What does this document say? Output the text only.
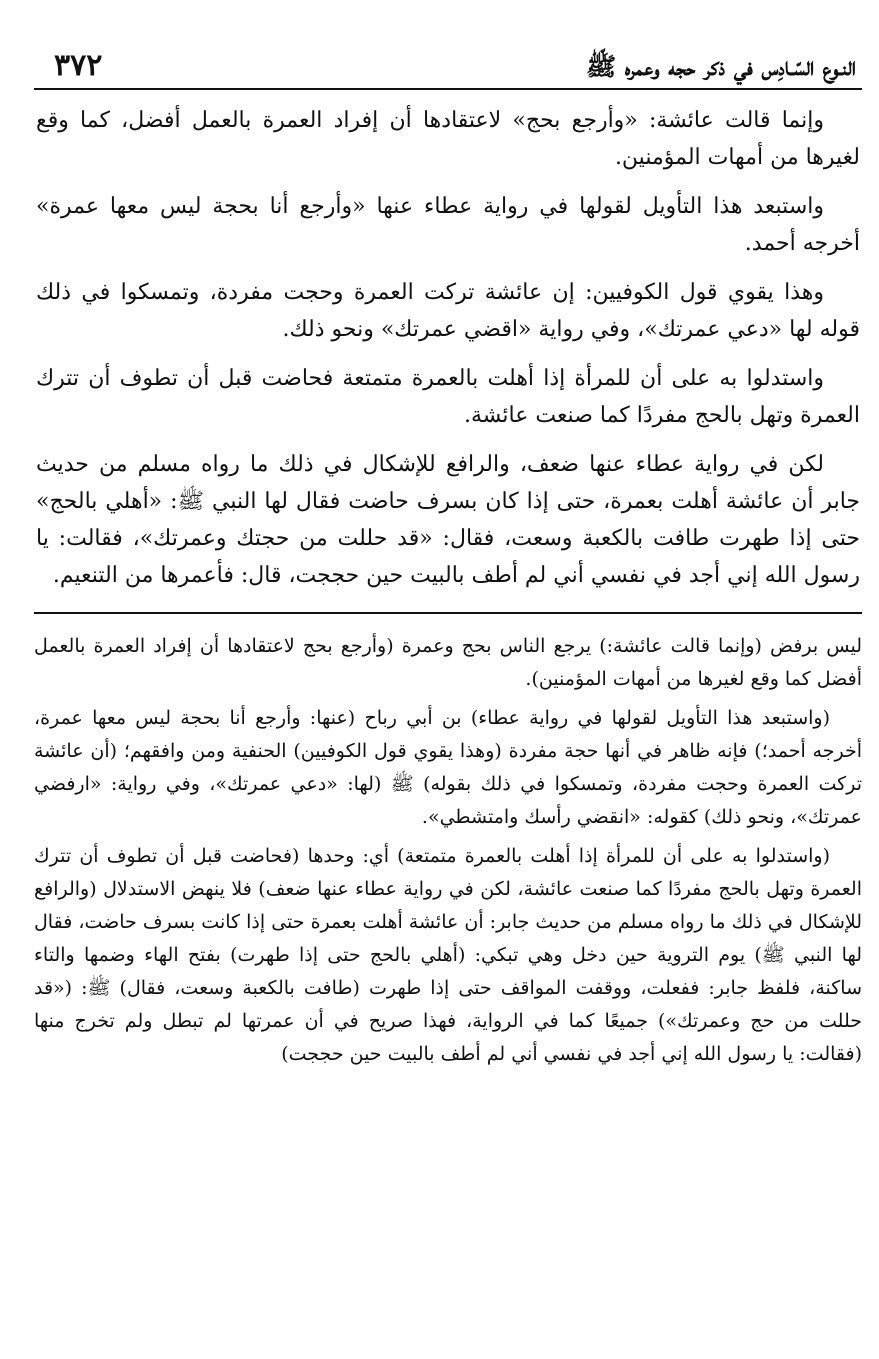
٣٧٢	النـوع السّـادِس في ذكر حجه وعمره ﷺ

وإنما قالت عائشة: «وأرجع بحج» لاعتقادها أن إفراد العمرة بالعمل أفضل، كما وقع لغيرها من أمهات المؤمنين.

واستبعد هذا التأويل لقولها في رواية عطاء عنها «وأرجع أنا بحجة ليس معها عمرة» أخرجه أحمد.

وهذا يقوي قول الكوفيين: إن عائشة تركت العمرة وحجت مفردة، وتمسكوا في ذلك قوله لها «دعي عمرتك»، وفي رواية «اقضي عمرتك» ونحو ذلك.

واستدلوا به على أن للمرأة إذا أهلت بالعمرة متمتعة فحاضت قبل أن تطوف أن تترك العمرة وتهل بالحج مفردًا كما صنعت عائشة.

لكن في رواية عطاء عنها ضعف، والرافع للإشكال في ذلك ما رواه مسلم من حديث جابر أن عائشة أهلت بعمرة، حتى إذا كان بسرف حاضت فقال لها النبي ﷺ: «أهلي بالحج» حتى إذا طهرت طافت بالكعبة وسعت، فقال: «قد حللت من حجتك وعمرتك»، فقالت: يا رسول الله إني أجد في نفسي أني لم أطف بالبيت حين حججت، قال: فأعمرها من التنعيم.

ليس برفض (وإنما قالت عائشة:) يرجع الناس بحج وعمرة (وأرجع بحج لاعتقادها أن إفراد العمرة بالعمل أفضل كما وقع لغيرها من أمهات المؤمنين).

(واستبعد هذا التأويل لقولها في رواية عطاء) بن أبي رباح (عنها: وأرجع أنا بحجة ليس معها عمرة، أخرجه أحمد؛) فإنه ظاهر في أنها حجة مفردة (وهذا يقوي قول الكوفيين) الحنفية ومن وافقهم؛ (أن عائشة تركت العمرة وحجت مفردة، وتمسكوا في ذلك بقوله) ﷺ (لها: «دعي عمرتك»، وفي رواية: «ارفضي عمرتك»، ونحو ذلك) كقوله: «انقضي رأسك وامتشطي».

(واستدلوا به على أن للمرأة إذا أهلت بالعمرة متمتعة) أي: وحدها (فحاضت قبل أن تطوف أن تترك العمرة وتهل بالحج مفردًا كما صنعت عائشة، لكن في رواية عطاء عنها ضعف) فلا ينهض الاستدلال (والرافع للإشكال في ذلك ما رواه مسلم من حديث جابر: أن عائشة أهلت بعمرة حتى إذا كانت بسرف حاضت، فقال لها النبي ﷺ) يوم التروية حين دخل وهي تبكي: (أهلي بالحج حتى إذا طهرت) بفتح الهاء وضمها والتاء ساكنة، فلفظ جابر: ففعلت، ووقفت المواقف حتى إذا طهرت (طافت بالكعبة وسعت، فقال) ﷺ: («قد حللت من حج وعمرتك») جميعًا كما في الرواية، فهذا صريح في أن عمرتها لم تبطل ولم تخرج منها (فقالت: يا رسول الله إني أجد في نفسي أني لم أطف بالبيت حين حججت)
